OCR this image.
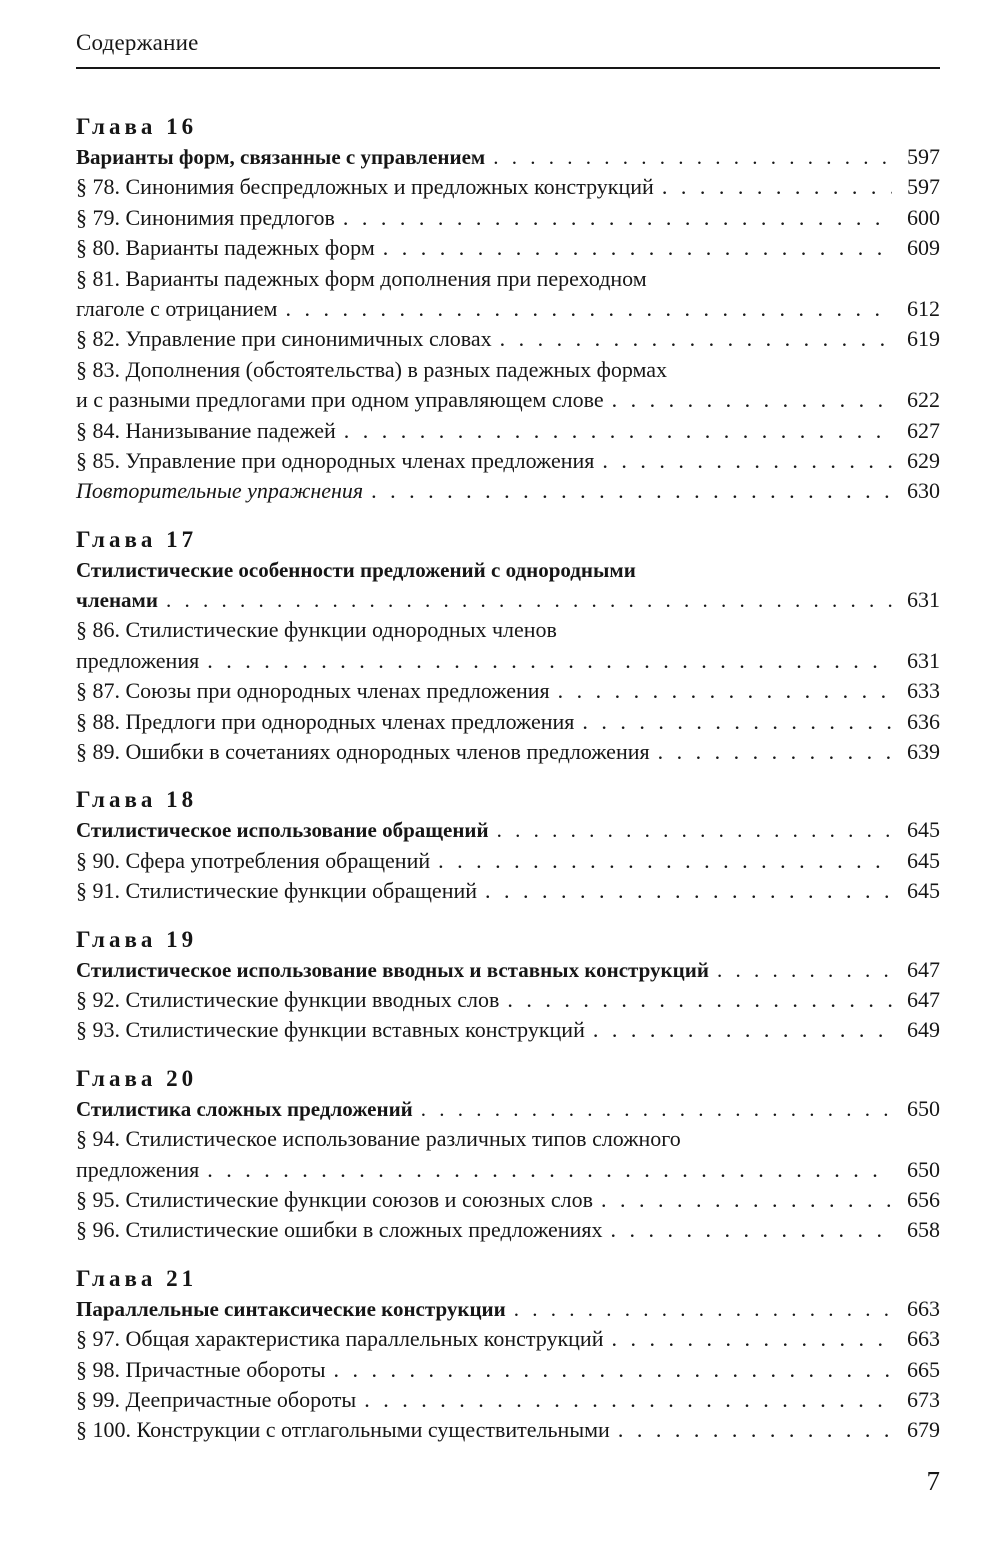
Содержание
Глава 16
Варианты форм, связанные с управлением . . .	597
§ 78. Синонимия беспредложных и предложных конструкций . . .	597
§ 79. Синонимия предлогов . . .	600
§ 80. Варианты падежных форм . . .	609
§ 81. Варианты падежных форм дополнения при переходном
глаголе с отрицанием . . .	612
§ 82. Управление при синонимичных словах . . .	619
§ 83. Дополнения (обстоятельства) в разных падежных формах
и с разными предлогами при одном управляющем слове . . .	622
§ 84. Нанизывание падежей . . .	627
§ 85. Управление при однородных членах предложения . . .	629
Повторительные упражнения . . .	630
Глава 17
Стилистические особенности предложений с однородными
членами . . .	631
§ 86. Стилистические функции однородных членов
предложения . . .	631
§ 87. Союзы при однородных членах предложения . . .	633
§ 88. Предлоги при однородных членах предложения . . .	636
§ 89. Ошибки в сочетаниях однородных членов предложения . . .	639
Глава 18
Стилистическое использование обращений . . .	645
§ 90. Сфера употребления обращений . . .	645
§ 91. Стилистические функции обращений . . .	645
Глава 19
Стилистическое использование вводных и вставных конструкций . . .	647
§ 92. Стилистические функции вводных слов . . .	647
§ 93. Стилистические функции вставных конструкций . . .	649
Глава 20
Стилистика сложных предложений . . .	650
§ 94. Стилистическое использование различных типов сложного
предложения . . .	650
§ 95. Стилистические функции союзов и союзных слов . . .	656
§ 96. Стилистические ошибки в сложных предложениях . . .	658
Глава 21
Параллельные синтаксические конструкции . . .	663
§ 97. Общая характеристика параллельных конструкций . . .	663
§ 98. Причастные обороты . . .	665
§ 99. Деепричастные обороты . . .	673
§ 100. Конструкции с отглагольными существительными . . .	679
7
